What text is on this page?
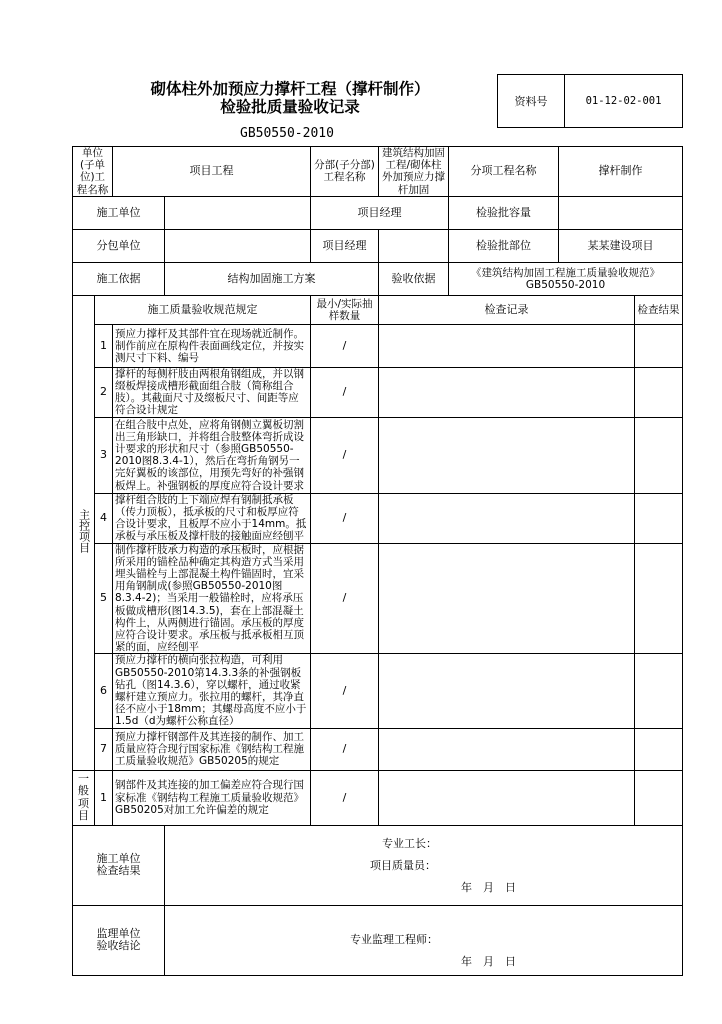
砌体柱外加预应力撑杆工程（撑杆制作）
检验批质量验收记录
GB50550-2010
资料号	01-12-02-001
单位(子单位)工程名称		项目工程		分部(子分部)工程名称	建筑结构加固工程/砌体柱外加预应力撑杆加固	分项工程名称	撑杆制作	
施工单位				项目经理		检验批容量		
分包单位				项目经理		检验批部位	某某建设项目	
施工依据			结构加固施工方案		验收依据	《建筑结构加固工程施工质量验收规范》GB50550-2010		
主控项目	施工质量验收规范规定			最小/实际抽样数量	检查记录			检查结果
	1	预应力撑杆及其部件宜在现场就近制作。制作前应在原构件表面画线定位，并按实测尺寸下料、编号		/				
	2	撑杆的每侧杆肢由两根角钢组成，并以钢缀板焊接成槽形截面组合肢（简称组合肢）。其截面尺寸及缀板尺寸、间距等应符合设计规定		/				
	3	在组合肢中点处，应将角钢侧立翼板切割出三角形缺口，并将组合肢整体弯折成设计要求的形状和尺寸（参照GB50550-2010图8.3.4-1），然后在弯折角钢另一完好翼板的该部位，用预先弯好的补强钢板焊上。补强钢板的厚度应符合设计要求		/				
	4	撑杆组合肢的上下端应焊有钢制抵承板（传力顶板），抵承板的尺寸和板厚应符合设计要求，且板厚不应小于14mm。抵承板与承压板及撑杆肢的接触面应经刨平		/				
	5	制作撑杆肢承力构造的承压板时，应根据所采用的锚栓品种确定其构造方式当采用埋头锚栓与上部混凝土构件锚固时，宜采用角钢制成(参照GB50550-2010图8.3.4-2)；当采用一般锚栓时，应将承压板做成槽形(图14.3.5)，套在上部混凝土构件上，从两侧进行锚固。承压板的厚度应符合设计要求。承压板与抵承板相互顶紧的面，应经刨平		/				
	6	预应力撑杆的横向张拉构造，可利用GB50550-2010第14.3.3条的补强钢板钻孔（图14.3.6），穿以螺杆，通过收紧螺杆建立预应力。张拉用的螺杆，其净直径不应小于18mm；其螺母高度不应小于1.5d（d为螺杆公称直径）		/				
	7	预应力撑杆钢部件及其连接的制作、加工质量应符合现行国家标准《钢结构工程施工质量验收规范》GB50205的规定		/				
一般项目	1	钢部件及其连接的加工偏差应符合现行国家标准《钢结构工程施工质量验收规范》GB50205对加工允许偏差的规定		/				
施工单位检查结果			专业工长：
项目质量员：
年　月　日					

监理单位验收结论			专业监理工程师：
年　月　日					
